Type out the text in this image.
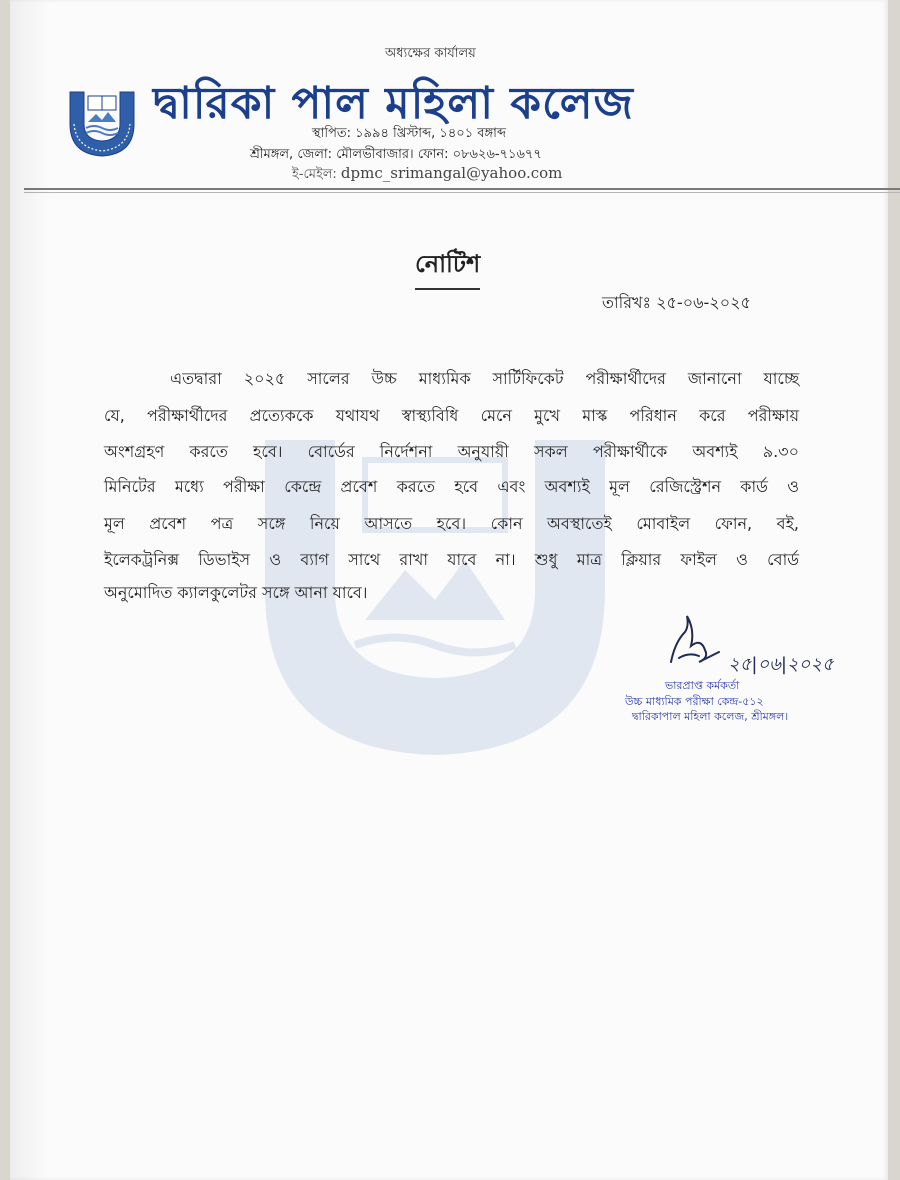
অধ্যক্ষের কার্যালয়
দ্বারিকা পাল মহিলা কলেজ
স্থাপিত: ১৯৯৪ খ্রিস্টাব্দ, ১৪০১ বঙ্গাব্দ
শ্রীমঙ্গল, জেলা: মৌলভীবাজার। ফোন: ০৮৬২৬-৭১৬৭৭
ই-মেইল: dpmc_srimangal@yahoo.com
নোটিশ
তারিখঃ ২৫-০৬-২০২৫
এতদ্বারা ২০২৫ সালের উচ্চ মাধ্যমিক সার্টিফিকেট পরীক্ষার্থীদের জানানো যাচ্ছে
যে, পরীক্ষার্থীদের প্রত্যেককে যথাযথ স্বাস্থ্যবিধি মেনে মুখে মাস্ক পরিধান করে পরীক্ষায়
অংশগ্রহণ করতে হবে। বোর্ডের নির্দেশনা অনুযায়ী সকল পরীক্ষার্থীকে অবশ্যই ৯.৩০
মিনিটের মধ্যে পরীক্ষা কেন্দ্রে প্রবেশ করতে হবে এবং অবশ্যই মূল রেজিস্ট্রেশন কার্ড ও
মূল প্রবেশ পত্র সঙ্গে নিয়ে আসতে হবে। কোন অবস্থাতেই মোবাইল ফোন, বই,
ইলেকট্রনিক্স ডিভাইস ও ব্যাগ সাথে রাখা যাবে না। শুধু মাত্র ক্লিয়ার ফাইল ও বোর্ড
অনুমোদিত ক্যালকুলেটর সঙ্গে আনা যাবে।
২৫|০৬|২০২৫
ভারপ্রাপ্ত কর্মকর্তা
উচ্চ মাধ্যমিক পরীক্ষা কেন্দ্র-৫১২
দ্বারিকাপাল মহিলা কলেজ, শ্রীমঙ্গল।
